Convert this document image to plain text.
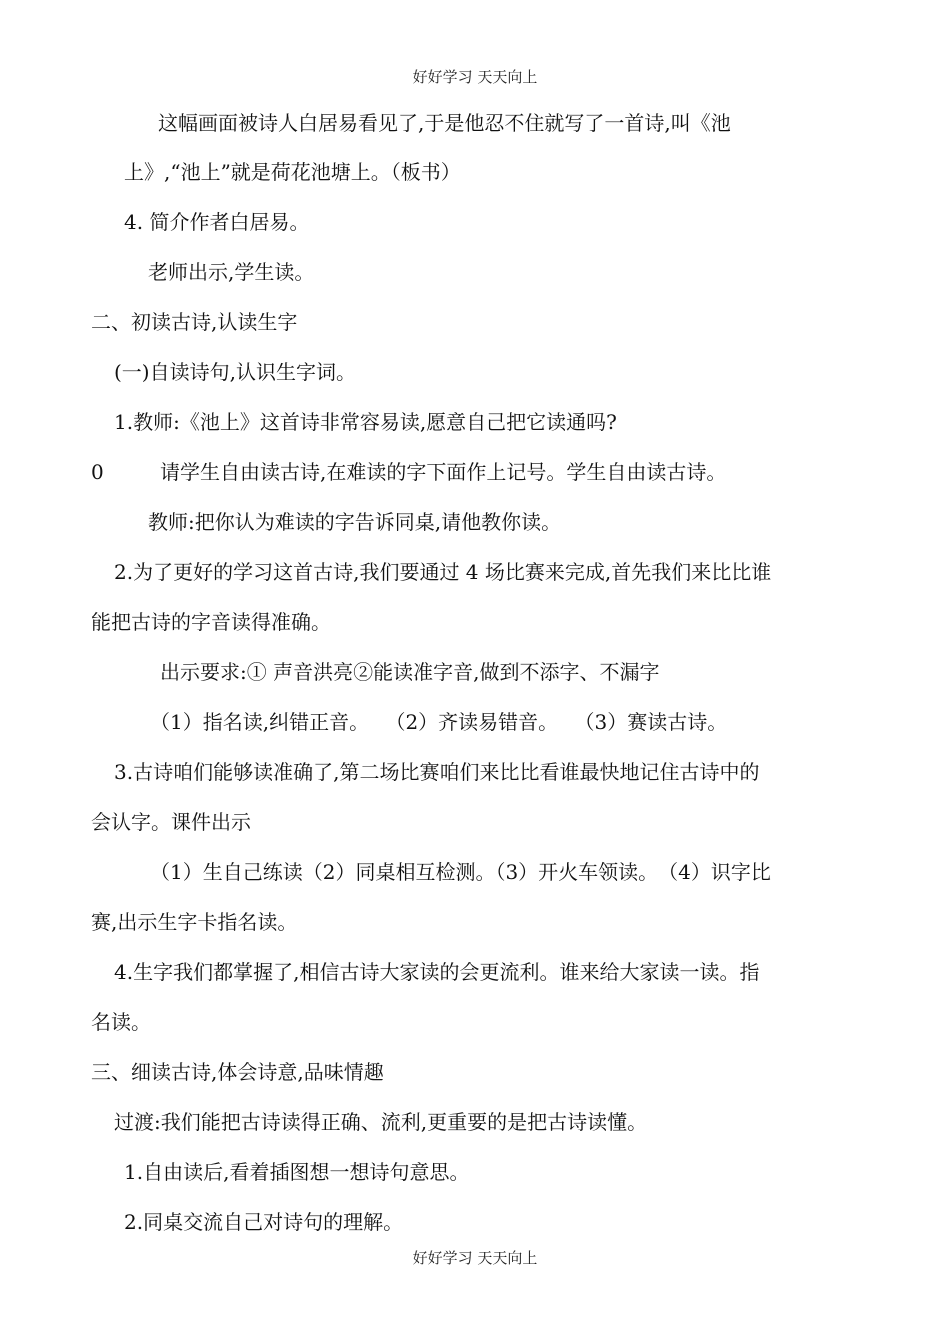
好好学习 天天向上
这幅画面被诗人白居易看见了,于是他忍不住就写了一首诗,叫《池
上》,“池上”就是荷花池塘上。（板书）
4. 简介作者白居易。
老师出示,学生读。
二、初读古诗,认读生字
(一)自读诗句,认识生字词。
1.教师:《池上》这首诗非常容易读,愿意自己把它读通吗?
0	请学生自由读古诗,在难读的字下面作上记号。学生自由读古诗。
教师:把你认为难读的字告诉同桌,请他教你读。
2.为了更好的学习这首古诗,我们要通过 4 场比赛来完成,首先我们来比比谁
能把古诗的字音读得准确。
出示要求:① 声音洪亮②能读准字音,做到不添字、不漏字
（1）指名读,纠错正音。　 （2）齐读易错音。　 （3）赛读古诗。
3.古诗咱们能够读准确了,第二场比赛咱们来比比看谁最快地记住古诗中的
会认字。课件出示
（1）生自己练读（2）同桌相互检测。（3）开火车领读。　（4）识字比
赛,出示生字卡指名读。
4.生字我们都掌握了,相信古诗大家读的会更流利。谁来给大家读一读。指
名读。
三、细读古诗,体会诗意,品味情趣
过渡:我们能把古诗读得正确、流利,更重要的是把古诗读懂。
1.自由读后,看着插图想一想诗句意思。
2.同桌交流自己对诗句的理解。
好好学习 天天向上
